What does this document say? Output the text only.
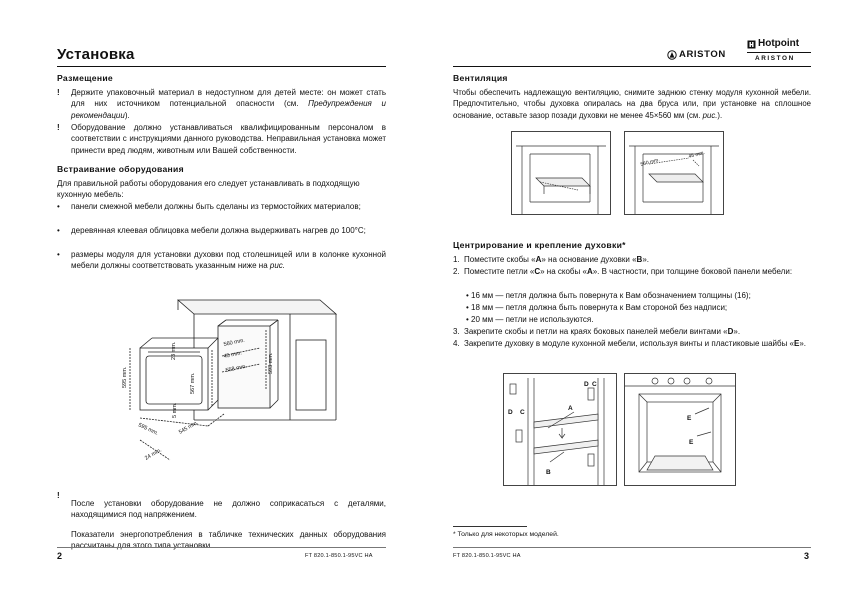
Установка
Размещение
!	Держите упаковочный материал в недоступном для детей месте: он может стать для них источником потенциальной опасности (см. Предупреждения и рекомендации).
!	Оборудование должно устанавливаться квалифицированным персоналом в соответствии с инструкциями данного руководства. Неправильная установка может принести вред людям, животным или Вашей собственности.
Встраивание оборудования
Для правильной работы оборудования его следует устанавливать в подходящую кухонную мебель:
•	панели смежной мебели должны быть сделаны из термостойких материалов;
•	деревянная клеевая облицовка мебели должна выдерживать нагрев до 100°C;
•	размеры модуля для установки духовки под столешницей или в колонке кухонной мебели должны соответствовать указанным ниже на рис.
595 mm.
23 mm.
567 mm.
5 mm.
595 mm.	545 mm.
24 mm.
560 mm.
45 mm.
558 mm.	593 mm.
!

После установки оборудование не должно соприкасаться с деталями, находящимися под напряжением.

Показатели энергопотребления в табличке технических данных оборудования рассчитаны для этого типа установки.

2	FT 820.1-850.1-95VC HA
ARISTON
Hotpoint
ARISTON
Вентиляция
Чтобы обеспечить надлежащую вентиляцию, снимите заднюю стенку модуля кухонной мебели. Предпочтительно, чтобы духовка опиралась на два бруса или, при установке на сплошное основание, оставьте зазор позади духовки не менее 45×560 мм (см. рис.).
560 mm.
45 mm.
Центрирование и крепление духовки*
1. Поместите скобы «A» на основание духовки «B».
2. Поместите петли «C» на скобы «A». В частности, при толщине боковой панели мебели:
• 16 мм — петля должна быть повернута к Вам обозначением толщины (16);
• 18 мм — петля должна быть повернута к Вам стороной без надписи;
• 20 мм — петли не используются.
3. Закрепите скобы и петли на краях боковых панелей мебели винтами «D».
4. Закрепите духовку в модуле кухонной мебели, используя винты и пластиковые шайбы «E».
A
B
C
D
C
D
E
E
* Только для некоторых моделей.
FT 820.1-850.1-95VC HA	3
